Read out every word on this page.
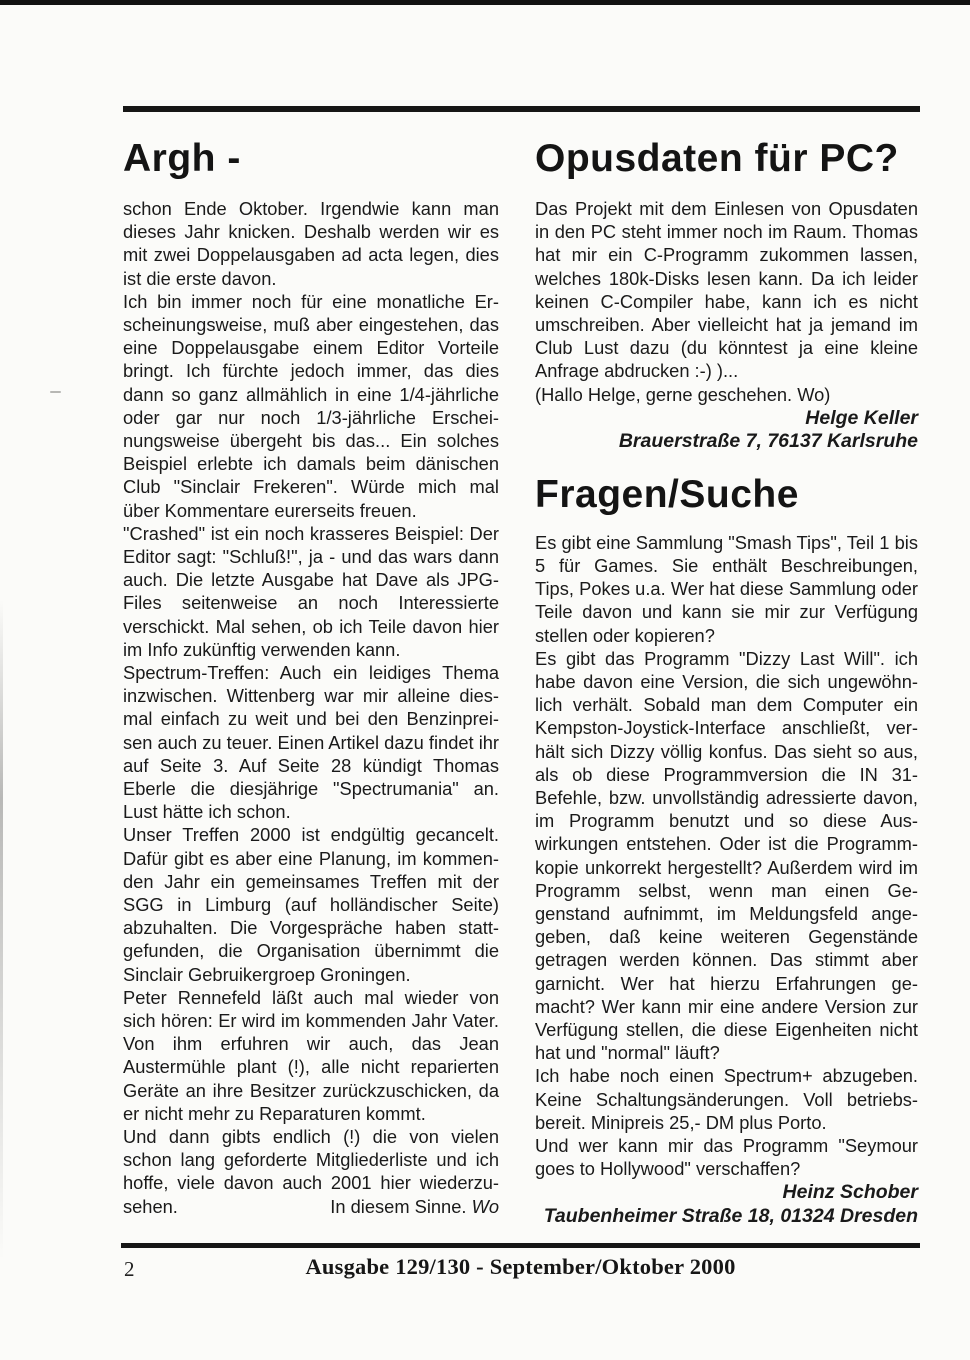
Argh -

schon Ende Oktober. Irgendwie kann man dieses Jahr knicken. Deshalb werden wir es mit zwei Doppelausgaben ad acta legen, dies ist die erste davon.

Ich bin immer noch für eine monatliche Erscheinungsweise, muß aber eingestehen, das eine Doppelausgabe einem Editor Vorteile bringt. Ich fürchte jedoch immer, das dies dann so ganz allmählich in eine 1/4-jährliche oder gar nur noch 1/3-jährliche Erscheinungsweise übergeht bis das... Ein solches Beispiel erlebte ich damals beim dänischen Club "Sinclair Frekeren". Würde mich mal über Kommentare eurerseits freuen.

"Crashed" ist ein noch krasseres Beispiel: Der Editor sagt: "Schluß!", ja - und das wars dann auch. Die letzte Ausgabe hat Dave als JPG-Files seitenweise an noch Interessierte verschickt. Mal sehen, ob ich Teile davon hier im Info zukünftig verwenden kann.

Spectrum-Treffen: Auch ein leidiges Thema inzwischen. Wittenberg war mir alleine diesmal einfach zu weit und bei den Benzinpreisen auch zu teuer. Einen Artikel dazu findet ihr auf Seite 3. Auf Seite 28 kündigt Thomas Eberle die diesjährige "Spectrumania" an. Lust hätte ich schon.

Unser Treffen 2000 ist endgültig gecancelt. Dafür gibt es aber eine Planung, im kommenden Jahr ein gemeinsames Treffen mit der SGG in Limburg (auf holländischer Seite) abzuhalten. Die Vorgespräche haben stattgefunden, die Organisation übernimmt die Sinclair Gebruikergroep Groningen.

Peter Rennefeld läßt auch mal wieder von sich hören: Er wird im kommenden Jahr Vater. Von ihm erfuhren wir auch, das Jean Austermühle plant (!), alle nicht reparierten Geräte an ihre Besitzer zurückzuschicken, da er nicht mehr zu Reparaturen kommt.

Und dann gibts endlich (!) die von vielen schon lang geforderte Mitgliederliste und ich hoffe, viele davon auch 2001 hier wiederzusehen.	In diesem Sinne. Wo

Opusdaten für PC?

Das Projekt mit dem Einlesen von Opusdaten in den PC steht immer noch im Raum. Thomas hat mir ein C-Programm zukommen lassen, welches 180k-Disks lesen kann. Da ich leider keinen C-Compiler habe, kann ich es nicht umschreiben. Aber vielleicht hat ja jemand im Club Lust dazu (du könntest ja eine kleine Anfrage abdrucken :-) )...

(Hallo Helge, gerne geschehen. Wo)

Helge Keller
Brauerstraße 7, 76137 Karlsruhe
Fragen/Suche

Es gibt eine Sammlung "Smash Tips", Teil 1 bis 5 für Games. Sie enthält Beschreibungen, Tips, Pokes u.a. Wer hat diese Sammlung oder Teile davon und kann sie mir zur Verfügung stellen oder kopieren?

Es gibt das Programm "Dizzy Last Will". ich habe davon eine Version, die sich ungewöhnlich verhält. Sobald man dem Computer ein Kempston-Joystick-Interface anschließt, verhält sich Dizzy völlig konfus. Das sieht so aus, als ob diese Programmversion die IN 31-Befehle, bzw. unvollständig adressierte davon, im Programm benutzt und so diese Auswirkungen entstehen. Oder ist die Programmkopie unkorrekt hergestellt? Außerdem wird im Programm selbst, wenn man einen Gegenstand aufnimmt, im Meldungsfeld angegeben, daß keine weiteren Gegenstände getragen werden können. Das stimmt aber garnicht. Wer hat hierzu Erfahrungen gemacht? Wer kann mir eine andere Version zur Verfügung stellen, die diese Eigenheiten nicht hat und "normal" läuft?

Ich habe noch einen Spectrum+ abzugeben. Keine Schaltungsänderungen. Voll betriebsbereit. Minipreis 25,- DM plus Porto.

Und wer kann mir das Programm "Seymour goes to Hollywood" verschaffen?

Heinz Schober
Taubenheimer Straße 18, 01324 Dresden
2	Ausgabe 129/130 - September/Oktober 2000
